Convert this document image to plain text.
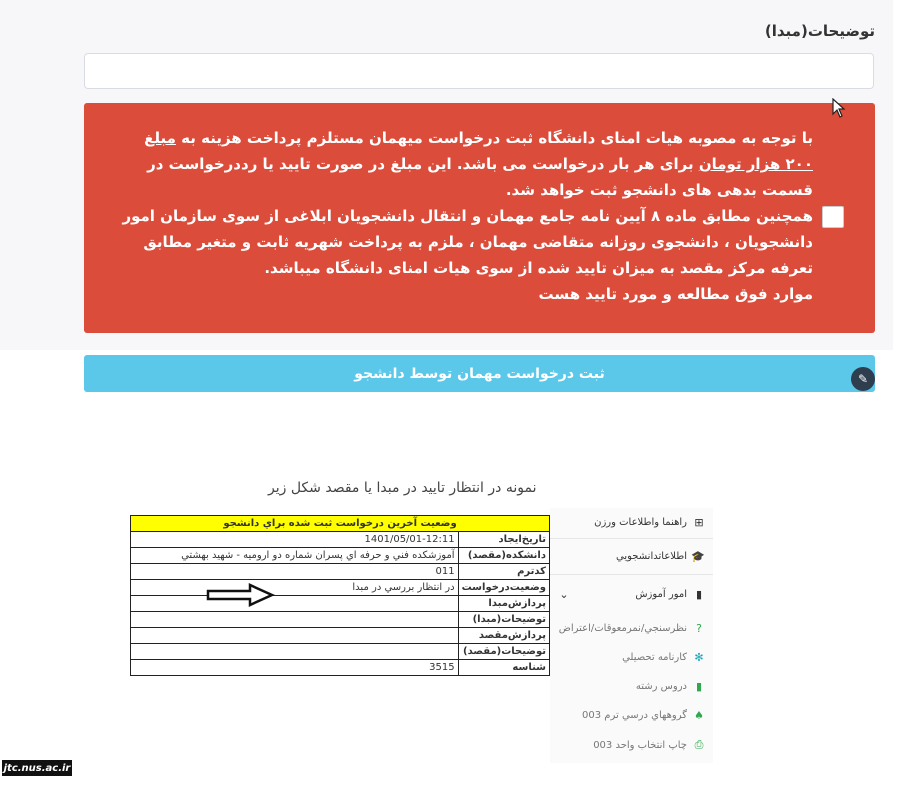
توضیحات(مبدا)

با توجه به مصوبه هیات امنای دانشگاه ثبت درخواست میهمان مستلزم پرداخت هزینه به مبلغ ۲۰۰ هزار تومان برای هر بار درخواست می باشد. این مبلغ در صورت تایید یا رددرخواست در قسمت بدهی های دانشجو ثبت خواهد شد.

همچنین مطابق ماده ۸ آیین نامه جامع مهمان و انتقال دانشجویان ابلاغی از سوی سازمان امور دانشجویان ، دانشجوی روزانه متقاضی مهمان ، ملزم به پرداخت شهریه ثابت و متغیر مطابق تعرفه مرکز مقصد به میزان تایید شده از سوی هیات امنای دانشگاه میباشد.

موارد فوق مطالعه و مورد تایید هست

ثبت درخواست مهمان توسط دانشجو	✎
نمونه در انتظار تایید در مبدا یا مقصد شکل زیر
وضعيت آخرين درخواست ثبت شده براي دانشجو	
تاريخ‌ايجاد	1401/05/01-12:11
دانشكده(مقصد)	آموزشكده فني و حرفه اي پسران شماره دو اروميه - شهيد بهشتي
كدترم	011
وضعيت‌درخواست	در انتظار بررسي در مبدا
پردازش‌مبدا	
توضيحات(مبدا)	
پردازش‌مقصد	
توضيحات(مقصد)	
شناسه	3515
⊞
راهنما واطلاعات ورزن
🎓
اطلاعاتدانشجويي
▮
امور آموزش
⌄
?
نظرسنجي/نمرمعوقات/اعتراض
✻
كارنامه تحصيلي
▮
دروس رشته
♠
گروههاي درسي ترم 003
⎙
چاپ انتخاب واحد 003
jtc.nus.ac.ir
